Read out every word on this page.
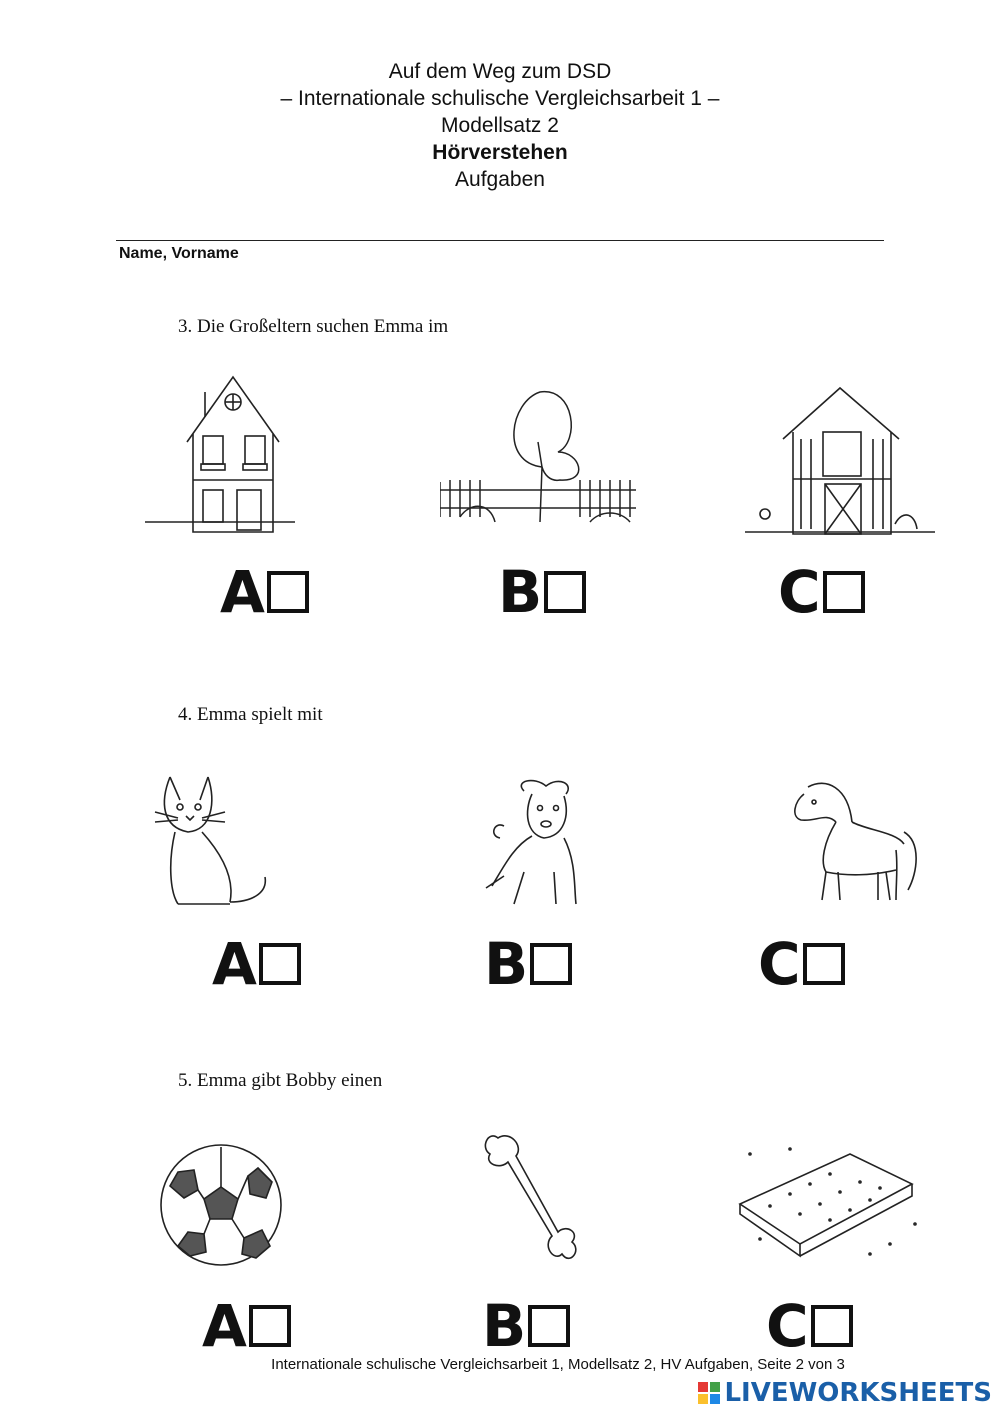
Auf dem Weg zum DSD
– Internationale schulische Vergleichsarbeit 1 –
Modellsatz 2
Hörverstehen
Aufgaben
Name, Vorname
3. Die Großeltern suchen Emma im
A	B	C
4. Emma spielt mit
A	B	C
5. Emma gibt Bobby einen
A	B	C
Internationale schulische Vergleichsarbeit 1, Modellsatz 2, HV Aufgaben, Seite 2 von 3
LIVEWORKSHEETS
